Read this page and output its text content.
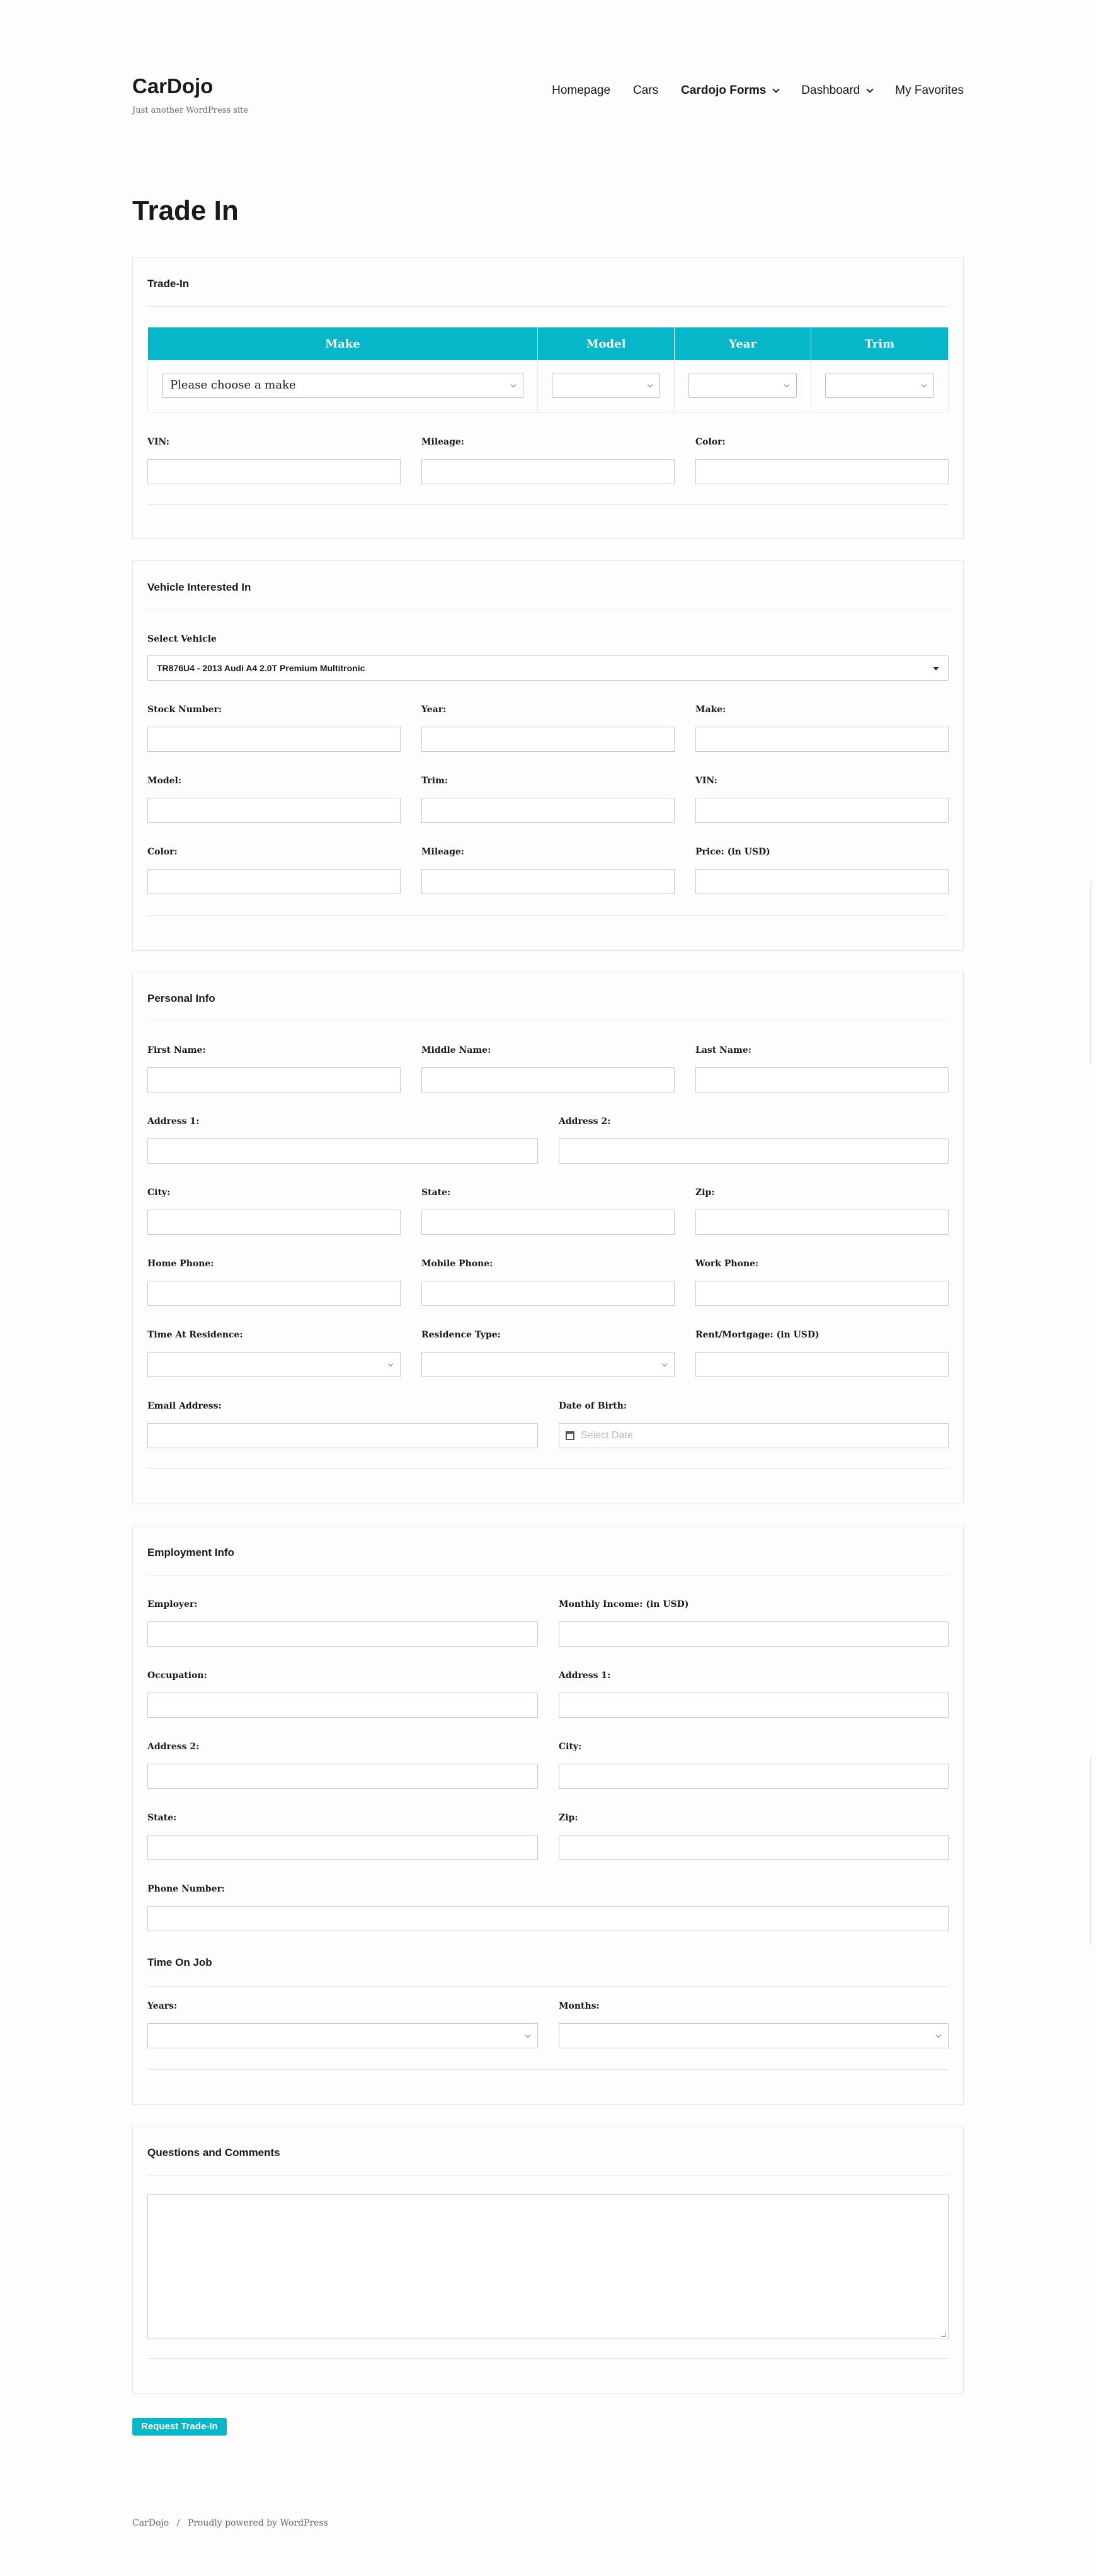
CarDojo
Just another WordPress site
Homepage Cars Cardojo Forms	Dashboard	My Favorites
Trade In
Trade-In
Make	Model	Year	Trim
Please choose a make
VIN:	Mileage:	Color:
Vehicle Interested In
Select Vehicle
TR876U4 - 2013 Audi A4 2.0T Premium Multitronic
Stock Number:	Year:	Make:
Model:	Trim:	VIN:
Color:	Mileage:	Price: (in USD)
Personal Info
First Name:	Middle Name:	Last Name:
Address 1:	Address 2:
City:	State:	Zip:
Home Phone:	Mobile Phone:	Work Phone:
Time At Residence:	Residence Type:	Rent/Mortgage: (in USD)
Email Address:	Date of Birth:
Select Date
Employment Info
Employer:	Monthly Income: (in USD)
Occupation:	Address 1:
Address 2:	City:
State:	Zip:
Phone Number:
Time On Job
Years:	Months:
Questions and Comments
Request Trade-In
CarDojo / Proudly powered by WordPress
